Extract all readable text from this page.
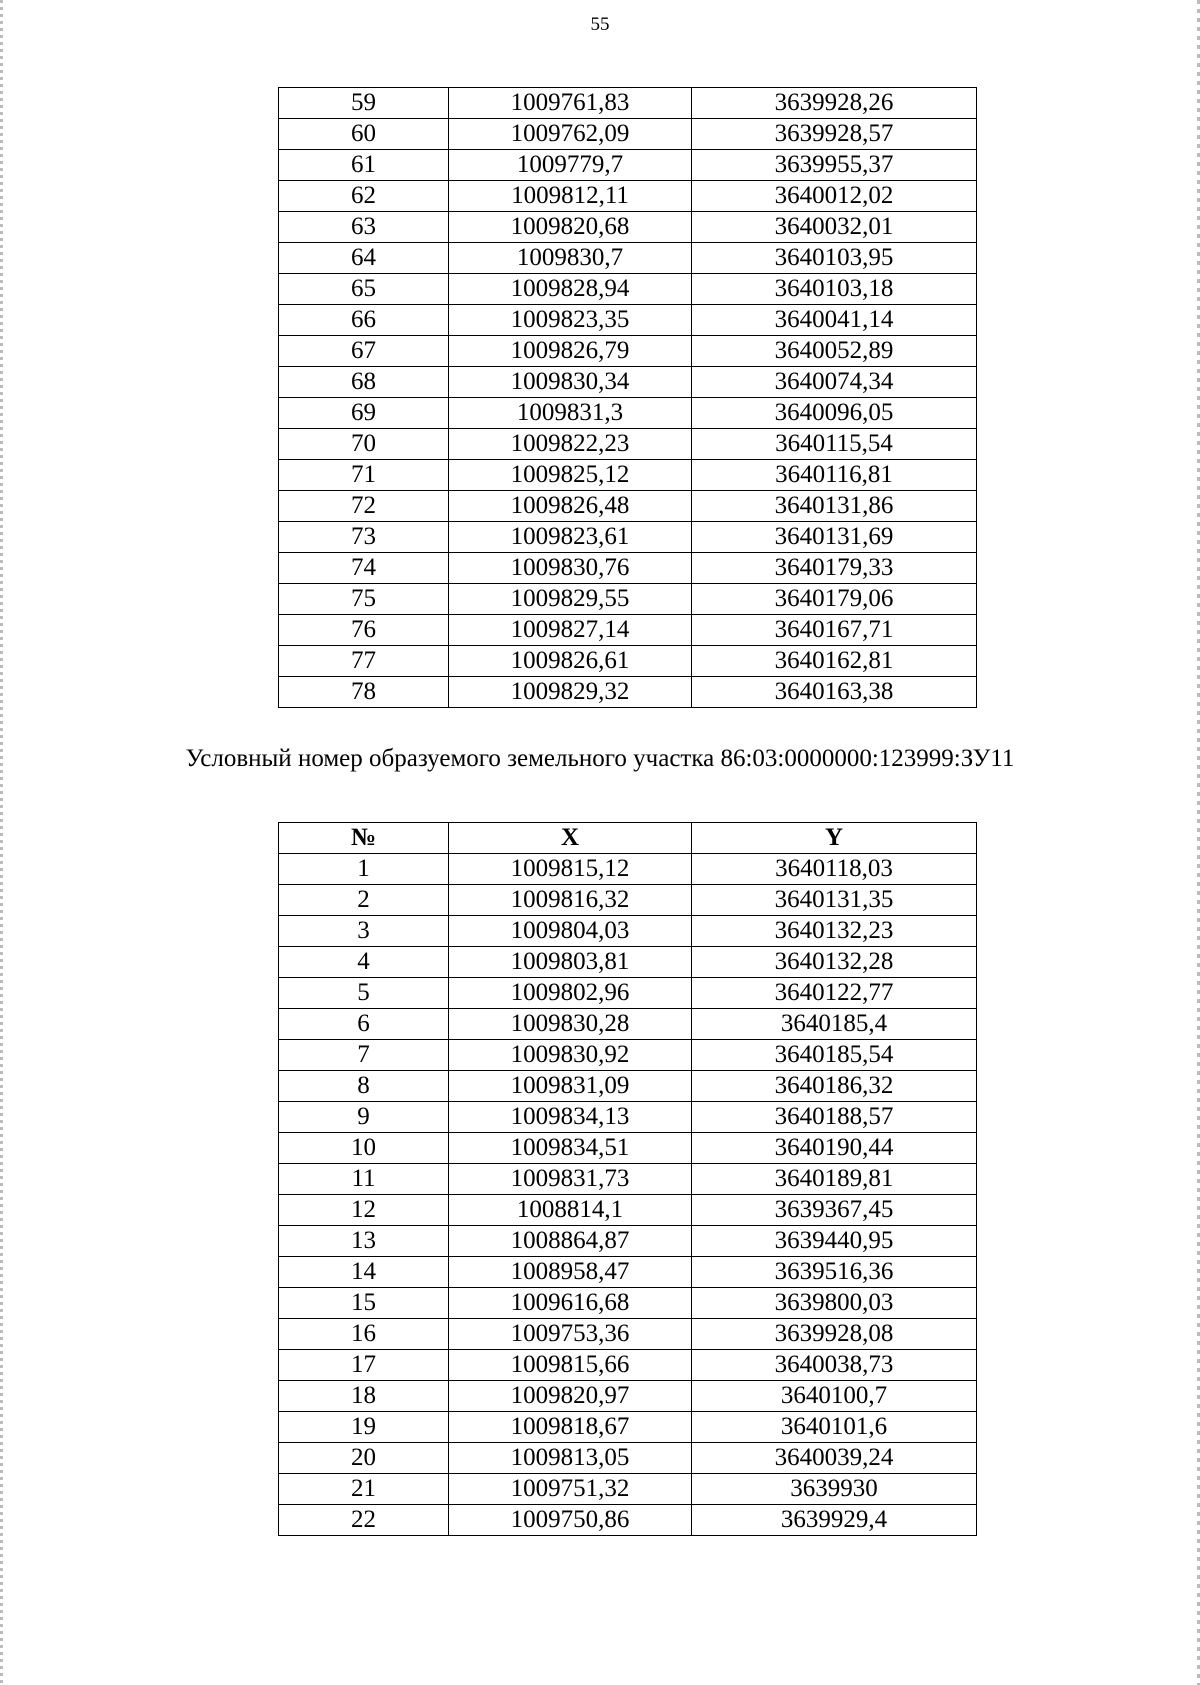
55
59	1009761,83	3639928,26
60	1009762,09	3639928,57
61	1009779,7	3639955,37
62	1009812,11	3640012,02
63	1009820,68	3640032,01
64	1009830,7	3640103,95
65	1009828,94	3640103,18
66	1009823,35	3640041,14
67	1009826,79	3640052,89
68	1009830,34	3640074,34
69	1009831,3	3640096,05
70	1009822,23	3640115,54
71	1009825,12	3640116,81
72	1009826,48	3640131,86
73	1009823,61	3640131,69
74	1009830,76	3640179,33
75	1009829,55	3640179,06
76	1009827,14	3640167,71
77	1009826,61	3640162,81
78	1009829,32	3640163,38
Условный номер образуемого земельного участка 86:03:0000000:123999:ЗУ11
№	X	Y
1	1009815,12	3640118,03
2	1009816,32	3640131,35
3	1009804,03	3640132,23
4	1009803,81	3640132,28
5	1009802,96	3640122,77
6	1009830,28	3640185,4
7	1009830,92	3640185,54
8	1009831,09	3640186,32
9	1009834,13	3640188,57
10	1009834,51	3640190,44
11	1009831,73	3640189,81
12	1008814,1	3639367,45
13	1008864,87	3639440,95
14	1008958,47	3639516,36
15	1009616,68	3639800,03
16	1009753,36	3639928,08
17	1009815,66	3640038,73
18	1009820,97	3640100,7
19	1009818,67	3640101,6
20	1009813,05	3640039,24
21	1009751,32	3639930
22	1009750,86	3639929,4
